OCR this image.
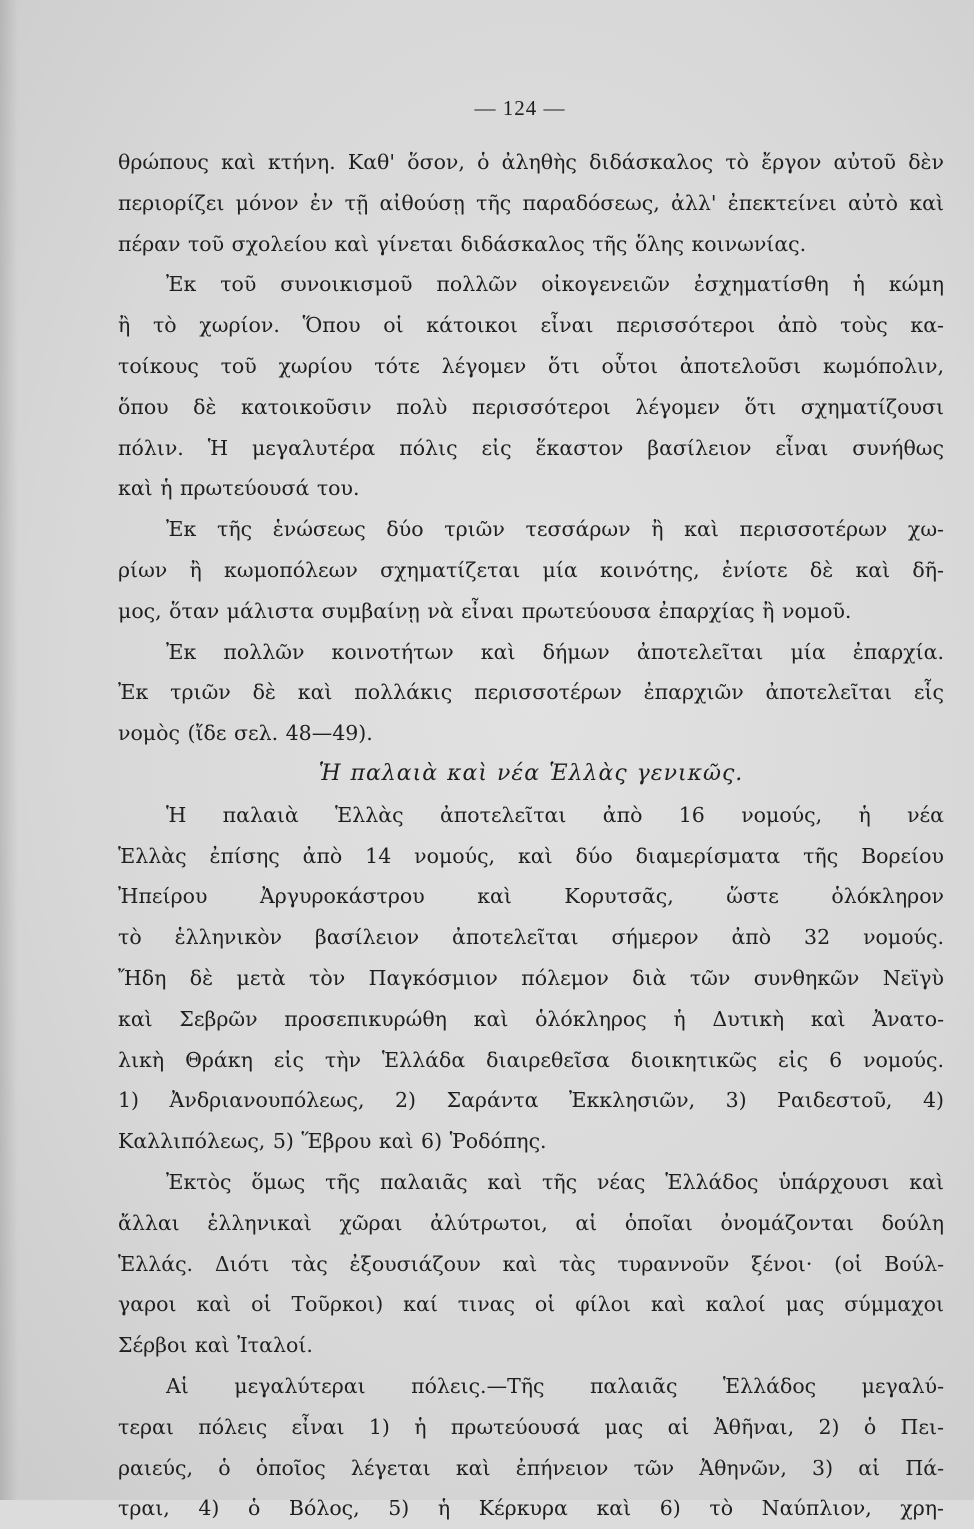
— 124 —
θρώπους καὶ κτήνη. Καθ' ὅσον, ὁ ἀληθὴς διδάσκαλος τὸ ἔργον αὐτοῦ δὲν
περιορίζει μόνον ἐν τῇ αἰθούσῃ τῆς παραδόσεως, ἀλλ' ἐπεκτείνει αὐτὸ καὶ
πέραν τοῦ σχολείου καὶ γίνεται διδάσκαλος τῆς ὅλης κοινωνίας.
Ἐκ τοῦ συνοικισμοῦ πολλῶν οἰκογενειῶν ἐσχηματίσθη ἡ κώμη
ἢ τὸ χωρίον. Ὅπου οἱ κάτοικοι εἶναι περισσότεροι ἀπὸ τοὺς κα-
τοίκους τοῦ χωρίου τότε λέγομεν ὅτι οὗτοι ἀποτελοῦσι κωμόπολιν,
ὅπου δὲ κατοικοῦσιν πολὺ περισσότεροι λέγομεν ὅτι σχηματίζουσι
πόλιν. Ἡ μεγαλυτέρα πόλις εἰς ἕκαστον βασίλειον εἶναι συνήθως
καὶ ἡ πρωτεύουσά του.
Ἐκ τῆς ἑνώσεως δύο τριῶν τεσσάρων ἢ καὶ περισσοτέρων χω-
ρίων ἢ κωμοπόλεων σχηματίζεται μία κοινότης, ἐνίοτε δὲ καὶ δῆ-
μος, ὅταν μάλιστα συμβαίνῃ νὰ εἶναι πρωτεύουσα ἐπαρχίας ἢ νομοῦ.
Ἐκ πολλῶν κοινοτήτων καὶ δήμων ἀποτελεῖται μία ἐπαρχία.
Ἐκ τριῶν δὲ καὶ πολλάκις περισσοτέρων ἐπαρχιῶν ἀποτελεῖται εἷς
νομὸς (ἴδε σελ. 48—49).
Ἡ παλαιὰ καὶ νέα Ἑλλὰς γενικῶς.
Ἡ παλαιὰ Ἑλλὰς ἀποτελεῖται ἀπὸ 16 νομούς, ἡ νέα
Ἑλλὰς ἐπίσης ἀπὸ 14 νομούς, καὶ δύο διαμερίσματα τῆς Βορείου
Ἠπείρου Ἀργυροκάστρου καὶ Κορυτσᾶς, ὥστε ὁλόκληρον
τὸ ἑλληνικὸν βασίλειον ἀποτελεῖται σήμερον ἀπὸ 32 νομούς.
Ἤδη δὲ μετὰ τὸν Παγκόσμιον πόλεμον διὰ τῶν συνθηκῶν Νεϊγὺ
καὶ Σεβρῶν προσεπικυρώθη καὶ ὁλόκληρος ἡ Δυτικὴ καὶ Ἀνατο-
λικὴ Θράκη εἰς τὴν Ἑλλάδα διαιρεθεῖσα διοικητικῶς εἰς 6 νομούς.
1) Ἀνδριανουπόλεως, 2) Σαράντα Ἐκκλησιῶν, 3) Ραιδεστοῦ, 4)
Καλλιπόλεως, 5) Ἕβρου καὶ 6) Ῥοδόπης.
Ἐκτὸς ὅμως τῆς παλαιᾶς καὶ τῆς νέας Ἑλλάδος ὑπάρχουσι καὶ
ἄλλαι ἑλληνικαὶ χῶραι ἀλύτρωτοι, αἱ ὁποῖαι ὀνομάζονται δούλη
Ἑλλάς. Διότι τὰς ἐξουσιάζουν καὶ τὰς τυραννοῦν ξένοι· (οἱ Βούλ-
γαροι καὶ οἱ Τοῦρκοι) καί τινας οἱ φίλοι καὶ καλοί μας σύμμαχοι
Σέρβοι καὶ Ἰταλοί.
Αἱ μεγαλύτεραι πόλεις.—Τῆς παλαιᾶς Ἑλλάδος μεγαλύ-
τεραι πόλεις εἶναι 1) ἡ πρωτεύουσά μας αἱ Ἀθῆναι, 2) ὁ Πει-
ραιεύς, ὁ ὁποῖος λέγεται καὶ ἐπήνειον τῶν Ἀθηνῶν, 3) αἱ Πά-
τραι, 4) ὁ Βόλος, 5) ἡ Κέρκυρα καὶ 6) τὸ Ναύπλιον, χρη-
